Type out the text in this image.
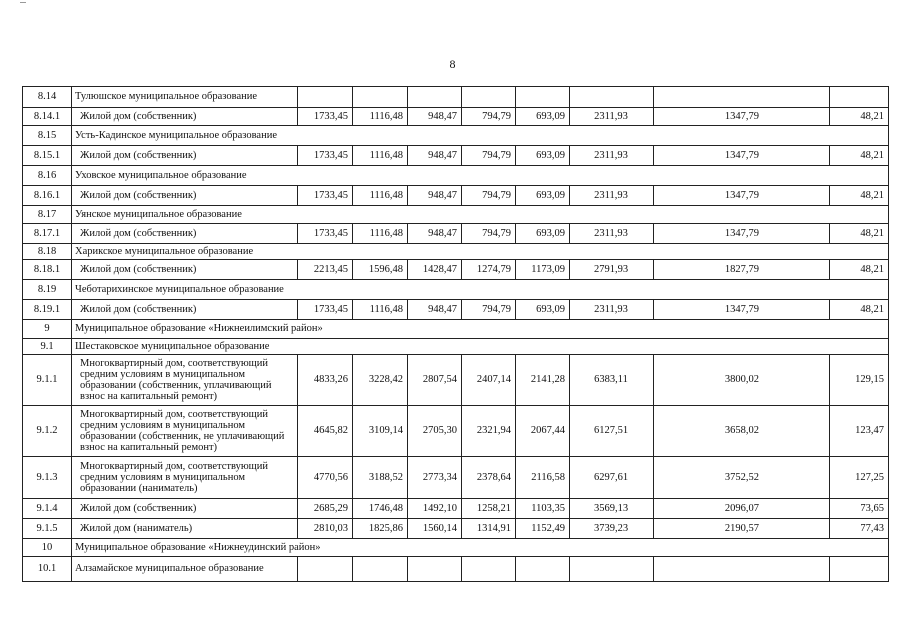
8
8.14	Тулюшское муниципальное образование								
8.14.1	Жилой дом (собственник)	1733,45	1116,48	948,47	794,79	693,09	2311,93	1347,79	48,21
8.15	Усть-Кадинское муниципальное образование								
8.15.1	Жилой дом (собственник)	1733,45	1116,48	948,47	794,79	693,09	2311,93	1347,79	48,21
8.16	Уховское муниципальное образование								
8.16.1	Жилой дом (собственник)	1733,45	1116,48	948,47	794,79	693,09	2311,93	1347,79	48,21
8.17	Уянское муниципальное образование								
8.17.1	Жилой дом (собственник)	1733,45	1116,48	948,47	794,79	693,09	2311,93	1347,79	48,21
8.18	Харикское муниципальное образование								
8.18.1	Жилой дом (собственник)	2213,45	1596,48	1428,47	1274,79	1173,09	2791,93	1827,79	48,21
8.19	Чеботарихинское муниципальное образование								
8.19.1	Жилой дом (собственник)	1733,45	1116,48	948,47	794,79	693,09	2311,93	1347,79	48,21
9	Муниципальное образование «Нижнеилимский район»								
9.1	Шестаковское муниципальное образование								
9.1.1	Многоквартирный дом, соответствующий средним условиям в муниципальном образовании (собственник, уплачивающий взнос на капитальный ремонт)	4833,26	3228,42	2807,54	2407,14	2141,28	6383,11	3800,02	129,15
9.1.2	Многоквартирный дом, соответствующий средним условиям в муниципальном образовании (собственник, не уплачивающий взнос на капитальный ремонт)	4645,82	3109,14	2705,30	2321,94	2067,44	6127,51	3658,02	123,47
9.1.3	Многоквартирный дом, соответствующий средним условиям в муниципальном образовании (наниматель)	4770,56	3188,52	2773,34	2378,64	2116,58	6297,61	3752,52	127,25
9.1.4	Жилой дом (собственник)	2685,29	1746,48	1492,10	1258,21	1103,35	3569,13	2096,07	73,65
9.1.5	Жилой дом (наниматель)	2810,03	1825,86	1560,14	1314,91	1152,49	3739,23	2190,57	77,43
10	Муниципальное образование «Нижнеудинский район»								
10.1	Алзамайское муниципальное образование								
